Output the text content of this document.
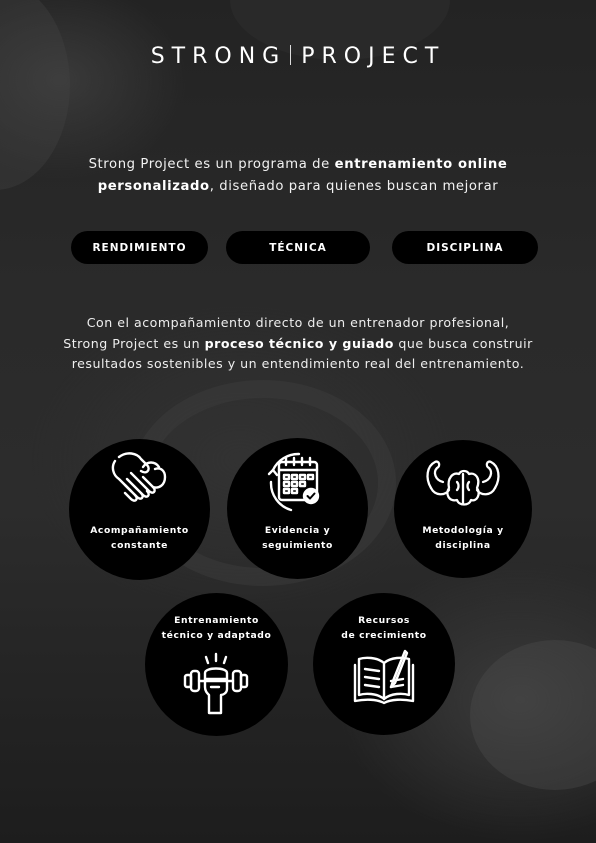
STRONG PROJECT

Strong Project es un programa de entrenamiento online
personalizado, diseñado para quienes buscan mejorar

RENDIMIENTO	TÉCNICA	DISCIPLINA

Con el acompañamiento directo de un entrenador profesional,
Strong Project es un proceso técnico y guiado que busca construir
resultados sostenibles y un entendimiento real del entrenamiento.

Acompañamiento
constante
Evidencia y
seguimiento
Metodología y
disciplina
Entrenamiento
técnico y adaptado
Recursos
de crecimiento
